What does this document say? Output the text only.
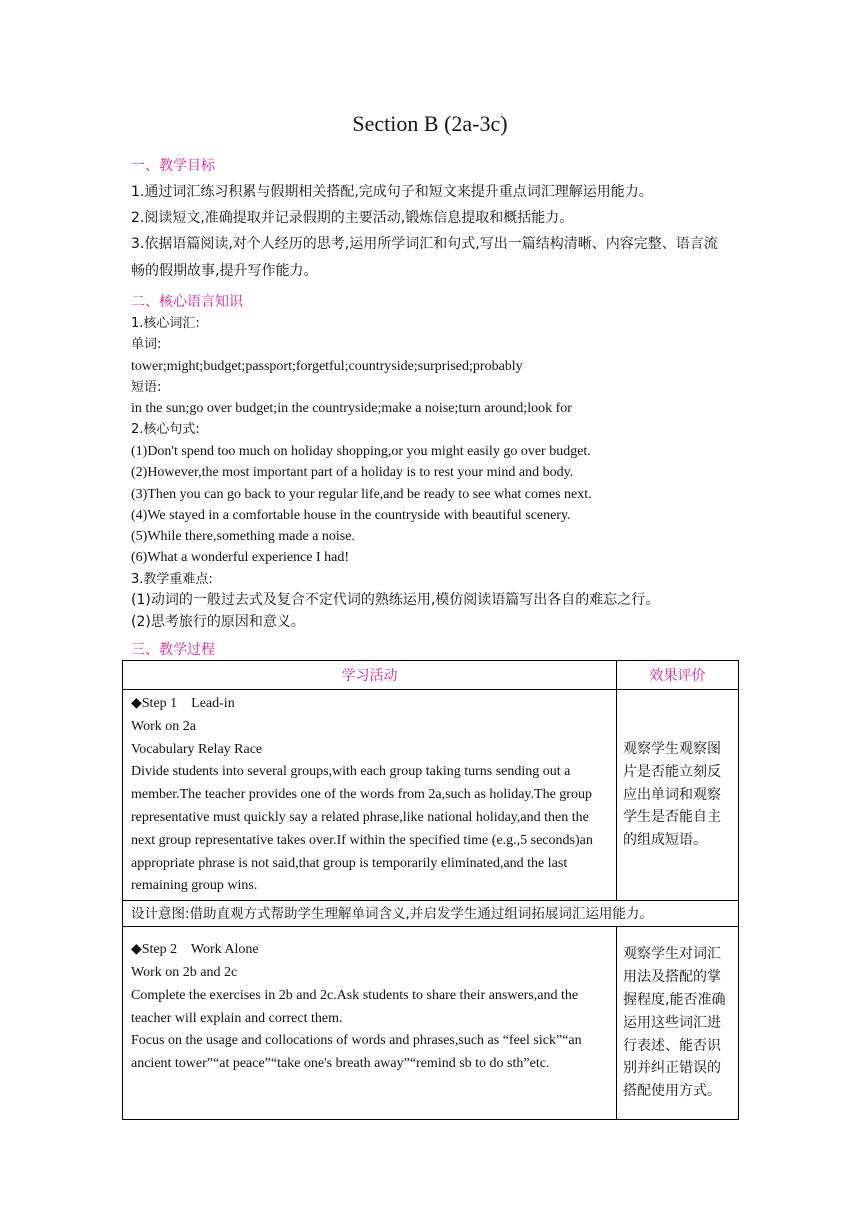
Section B (2a-3c)
一、教学目标
1.通过词汇练习积累与假期相关搭配,完成句子和短文来提升重点词汇理解运用能力。
2.阅读短文,准确提取并记录假期的主要活动,锻炼信息提取和概括能力。
3.依据语篇阅读,对个人经历的思考,运用所学词汇和句式,写出一篇结构清晰、内容完整、语言流畅的假期故事,提升写作能力。
二、核心语言知识
1.核心词汇:
单词:
tower;might;budget;passport;forgetful;countryside;surprised;probably
短语:
in the sun;go over budget;in the countryside;make a noise;turn around;look for
2.核心句式:
(1)Don't spend too much on holiday shopping,or you might easily go over budget.
(2)However,the most important part of a holiday is to rest your mind and body.
(3)Then you can go back to your regular life,and be ready to see what comes next.
(4)We stayed in a comfortable house in the countryside with beautiful scenery.
(5)While there,something made a noise.
(6)What a wonderful experience I had!
3.教学重难点:
(1)动词的一般过去式及复合不定代词的熟练运用,模仿阅读语篇写出各自的难忘之行。
(2)思考旅行的原因和意义。
三、教学过程
学习活动	效果评价

◆Step 1    Lead-in
Work on 2a
Vocabulary Relay Race
Divide students into several groups,with each group taking turns sending out a member.The teacher provides one of the words from 2a,such as holiday.The group representative must quickly say a related phrase,like national holiday,and then the next group representative takes over.If within the specified time (e.g.,5 seconds)an appropriate phrase is not said,that group is temporarily eliminated,and the last remaining group wins.	观察学生观察图片是否能立刻反应出单词和观察学生是否能自主的组成短语。
设计意图:借助直观方式帮助学生理解单词含义,并启发学生通过组词拓展词汇运用能力。	

◆Step 2    Work Alone
Work on 2b and 2c
Complete the exercises in 2b and 2c.Ask students to share their answers,and the teacher will explain and correct them.
Focus on the usage and collocations of words and phrases,such as “feel sick”“an ancient tower”“at peace”“take one's breath away”“remind sb to do sth”etc.	观察学生对词汇用法及搭配的掌握程度,能否准确运用这些词汇进行表述、能否识别并纠正错误的搭配使用方式。
